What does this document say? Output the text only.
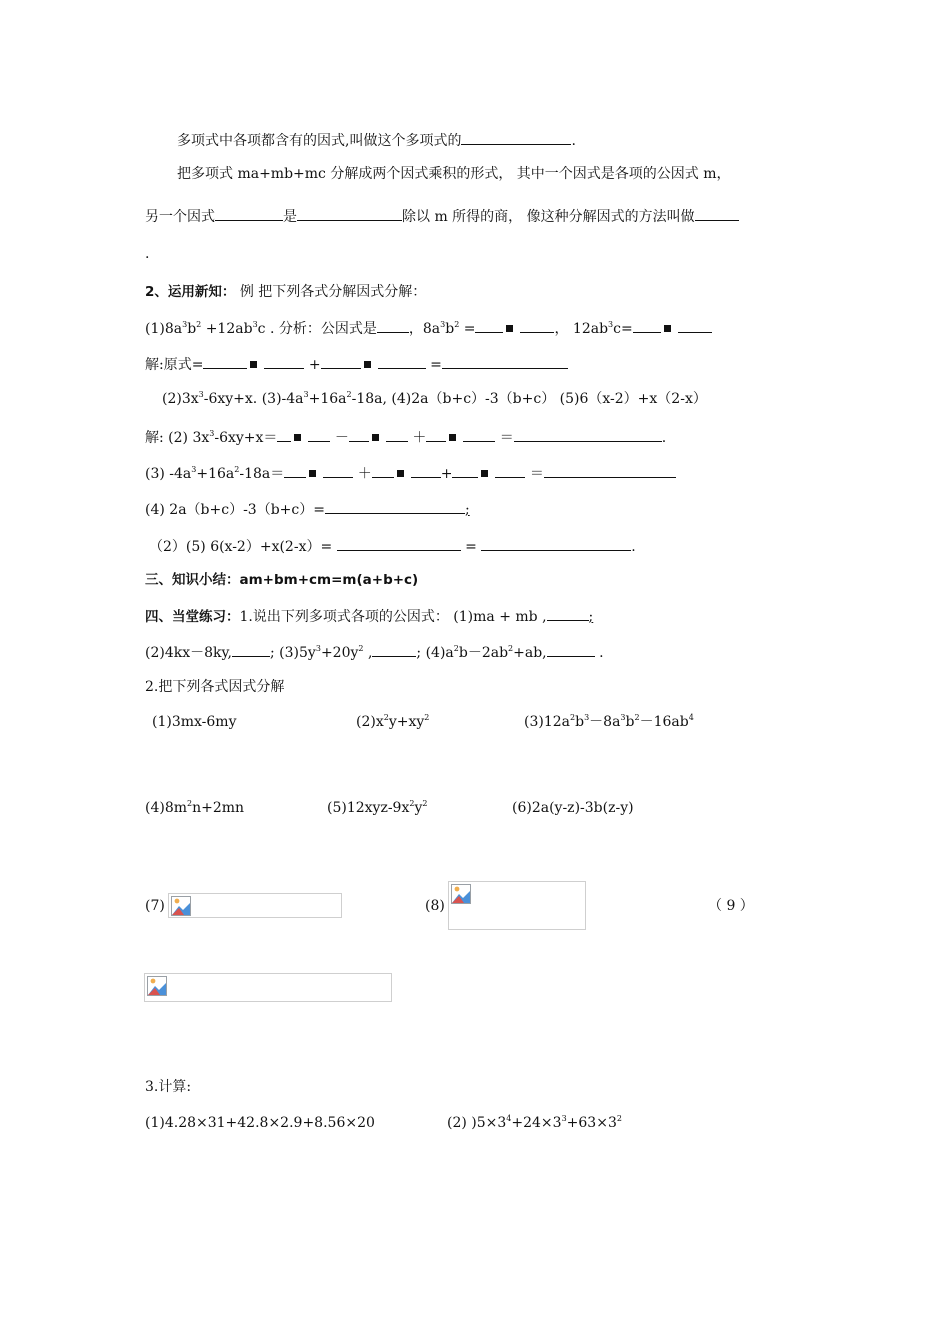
多项式中各项都含有的因式,叫做这个多项式的	.
把多项式 ma+mb+mc 分解成两个因式乘积的形式， 其中一个因式是各项的公因式 m，
另一个因式	是	除以 m 所得的商， 像这种分解因式的方法叫做
.
2、运用新知： 例 把下列各式分解因式分解：
$(1)8a^3b^2 +12ab^3c$ . 分析：公因式是 ，$8a^3b^2$ =	， $12ab^3c=$
解:原式=	+	=
$(2)3x^3-6xy+x$. $(3)-4a^3+16a^2-18a$, (4)2a（b+c）-3（b+c） (5)6（x-2）+x（2-x）
解: (2) $3x^3-6xy+x=$	－	＋	＝	.
(3) $-4a^3+16a^2-18a=$	＋	+	＝
(4) 2a（b+c）-3（b+c）=	;
（2）(5) 6(x-2）+x(2-x）=	=	.
三、知识小结：am+bm+cm=m(a+b+c)
四、当堂练习：1.说出下列多项式各项的公因式： (1)ma + mb ,	;
(2)4kx－8ky,	; $(3)5y^3+20y^2$ ,	; $(4)a^2b-2ab^2+ab$,	.
2.把下列各式因式分解
(1)3mx-6my	$(2)x^2y+xy^2$	$(3)12a^2b^3-8a^3b^2-16ab^4$
$(4)8m^2n+2mn$	$(5)12xyz-9x^2y^2$	(6)2a(y-z)-3b(z-y)
(7)	(8)	（ 9 ）
3.计算:
(1)4.28×31+42.8×2.9+8.56×20	(2) )$5\times 3^4+24\times 3^3+63\times 3^2$
